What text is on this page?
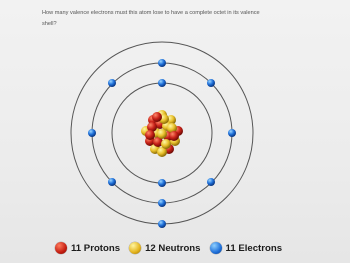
How many valence electrons must this atom lose to have a complete octet in its valence shell?
11 Protons	12 Neutrons	11 Electrons
